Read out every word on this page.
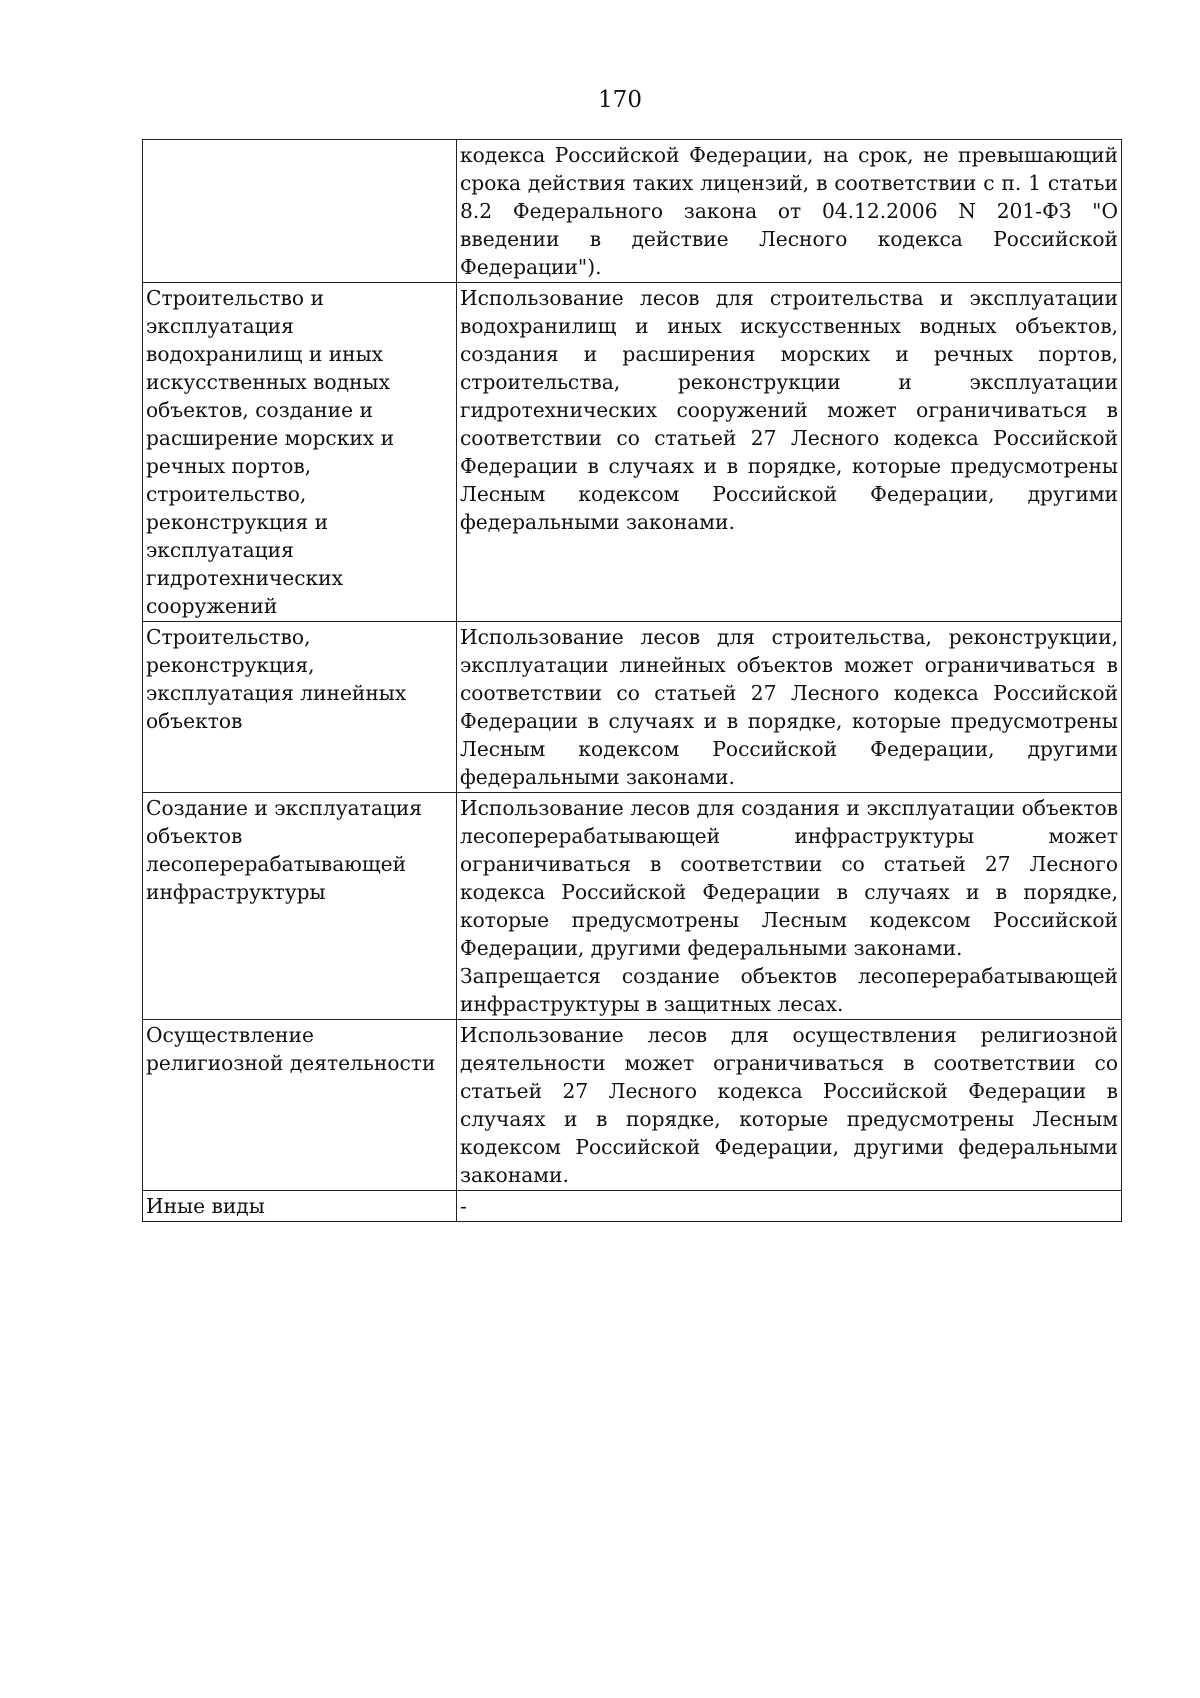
170

	кодекса Российской Федерации, на срок, не превышающий срока действия таких лицензий, в соответствии с п. 1 статьи 8.2 Федерального закона от 04.12.2006 N 201-ФЗ "О введении в действие Лесного кодекса Российской Федерации").

Строительство и эксплуатация водохранилищ и иных искусственных водных объектов, создание и расширение морских и речных портов, строительство, реконструкция и эксплуатация гидротехнических сооружений	Использование лесов для строительства и эксплуатации водохранилищ и иных искусственных водных объектов, создания и расширения морских и речных портов, строительства, реконструкции и эксплуатации гидротехнических сооружений может ограничиваться в соответствии со статьей 27 Лесного кодекса Российской Федерации в случаях и в порядке, которые предусмотрены Лесным кодексом Российской Федерации, другими федеральными законами.

Строительство, реконструкция, эксплуатация линейных объектов	Использование лесов для строительства, реконструкции, эксплуатации линейных объектов может ограничиваться в соответствии со статьей 27 Лесного кодекса Российской Федерации в случаях и в порядке, которые предусмотрены Лесным кодексом Российской Федерации, другими федеральными законами.

Создание и эксплуатация объектов лесоперерабатывающей инфраструктуры	Использование лесов для создания и эксплуатации объектов лесоперерабатывающей инфраструктуры может ограничиваться в соответствии со статьей 27 Лесного кодекса Российской Федерации в случаях и в порядке, которые предусмотрены Лесным кодексом Российской Федерации, другими федеральными законами.
Запрещается создание объектов лесоперерабатывающей инфраструктуры в защитных лесах.

Осуществление религиозной деятельности	Использование лесов для осуществления религиозной деятельности может ограничиваться в соответствии со статьей 27 Лесного кодекса Российской Федерации в случаях и в порядке, которые предусмотрены Лесным кодексом Российской Федерации, другими федеральными законами.

Иные виды	-
